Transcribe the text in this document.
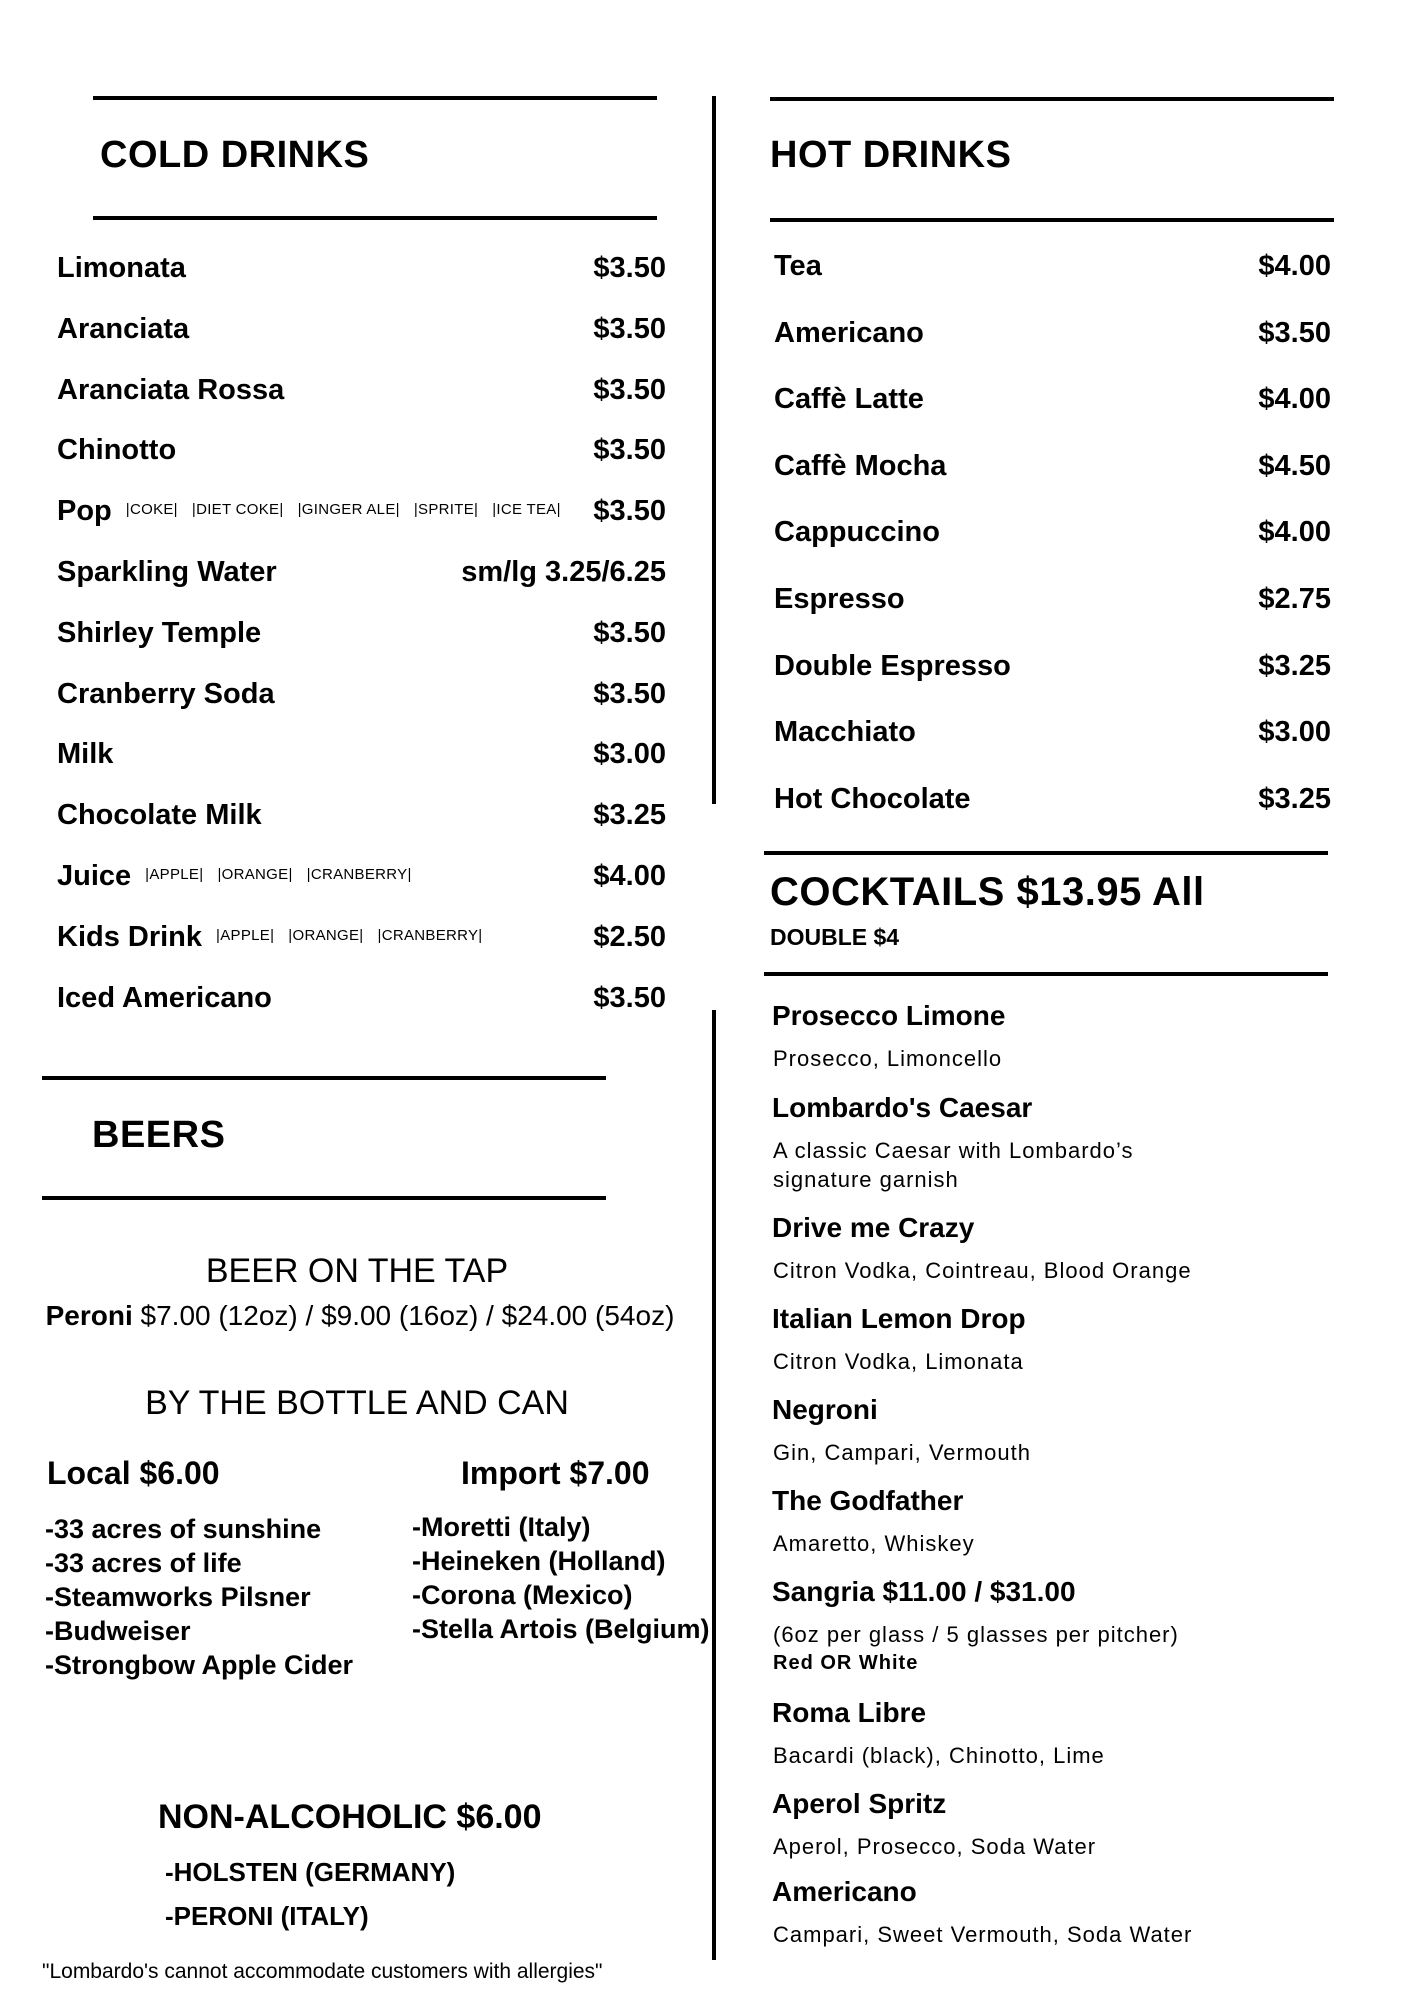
COLD DRINKS
Limonata	$3.50
Aranciata	$3.50
Aranciata Rossa	$3.50
Chinotto	$3.50
Pop $^{|COKE| |DIET COKE| |GINGER ALE| |SPRITE| |ICE TEA|}$	$3.50
Sparkling Water	sm/lg 3.25/6.25
Shirley Temple	$3.50
Cranberry Soda	$3.50
Milk	$3.00
Chocolate Milk	$3.25
Juice $^{|APPLE| |ORANGE| |CRANBERRY|}$	$4.00
Kids Drink $^{|APPLE| |ORANGE| |CRANBERRY|}$	$2.50
Iced Americano	$3.50
HOT DRINKS
Tea	$4.00
Americano	$3.50
Caffè Latte	$4.00
Caffè Mocha	$4.50
Cappuccino	$4.00
Espresso	$2.75
Double Espresso	$3.25
Macchiato	$3.00
Hot Chocolate	$3.25
COCKTAILS $13.95 All
DOUBLE $4
Prosecco Limone
Prosecco, Limoncello
Lombardo's Caesar
A classic Caesar with Lombardo’s
signature garnish
Drive me Crazy
Citron Vodka, Cointreau, Blood Orange
Italian Lemon Drop
Citron Vodka, Limonata
Negroni
Gin, Campari, Vermouth
The Godfather
Amaretto, Whiskey
Sangria $11.00 / $31.00
(6oz per glass / 5 glasses per pitcher)
Red OR White
Roma Libre
Bacardi (black), Chinotto, Lime
Aperol Spritz
Aperol, Prosecco, Soda Water
Americano
Campari, Sweet Vermouth, Soda Water
BEERS
BEER ON THE TAP
Peroni $7.00 (12oz) / $9.00 (16oz) / $24.00 (54oz)
BY THE BOTTLE AND CAN
Local $6.00	Import $7.00
-33 acres of sunshine
-33 acres of life
-Steamworks Pilsner
-Budweiser
-Strongbow Apple Cider
-Moretti (Italy)
-Heineken (Holland)
-Corona (Mexico)
-Stella Artois (Belgium)
NON-ALCOHOLIC $6.00
-HOLSTEN (GERMANY)
-PERONI (ITALY)
"Lombardo's cannot accommodate customers with allergies"
